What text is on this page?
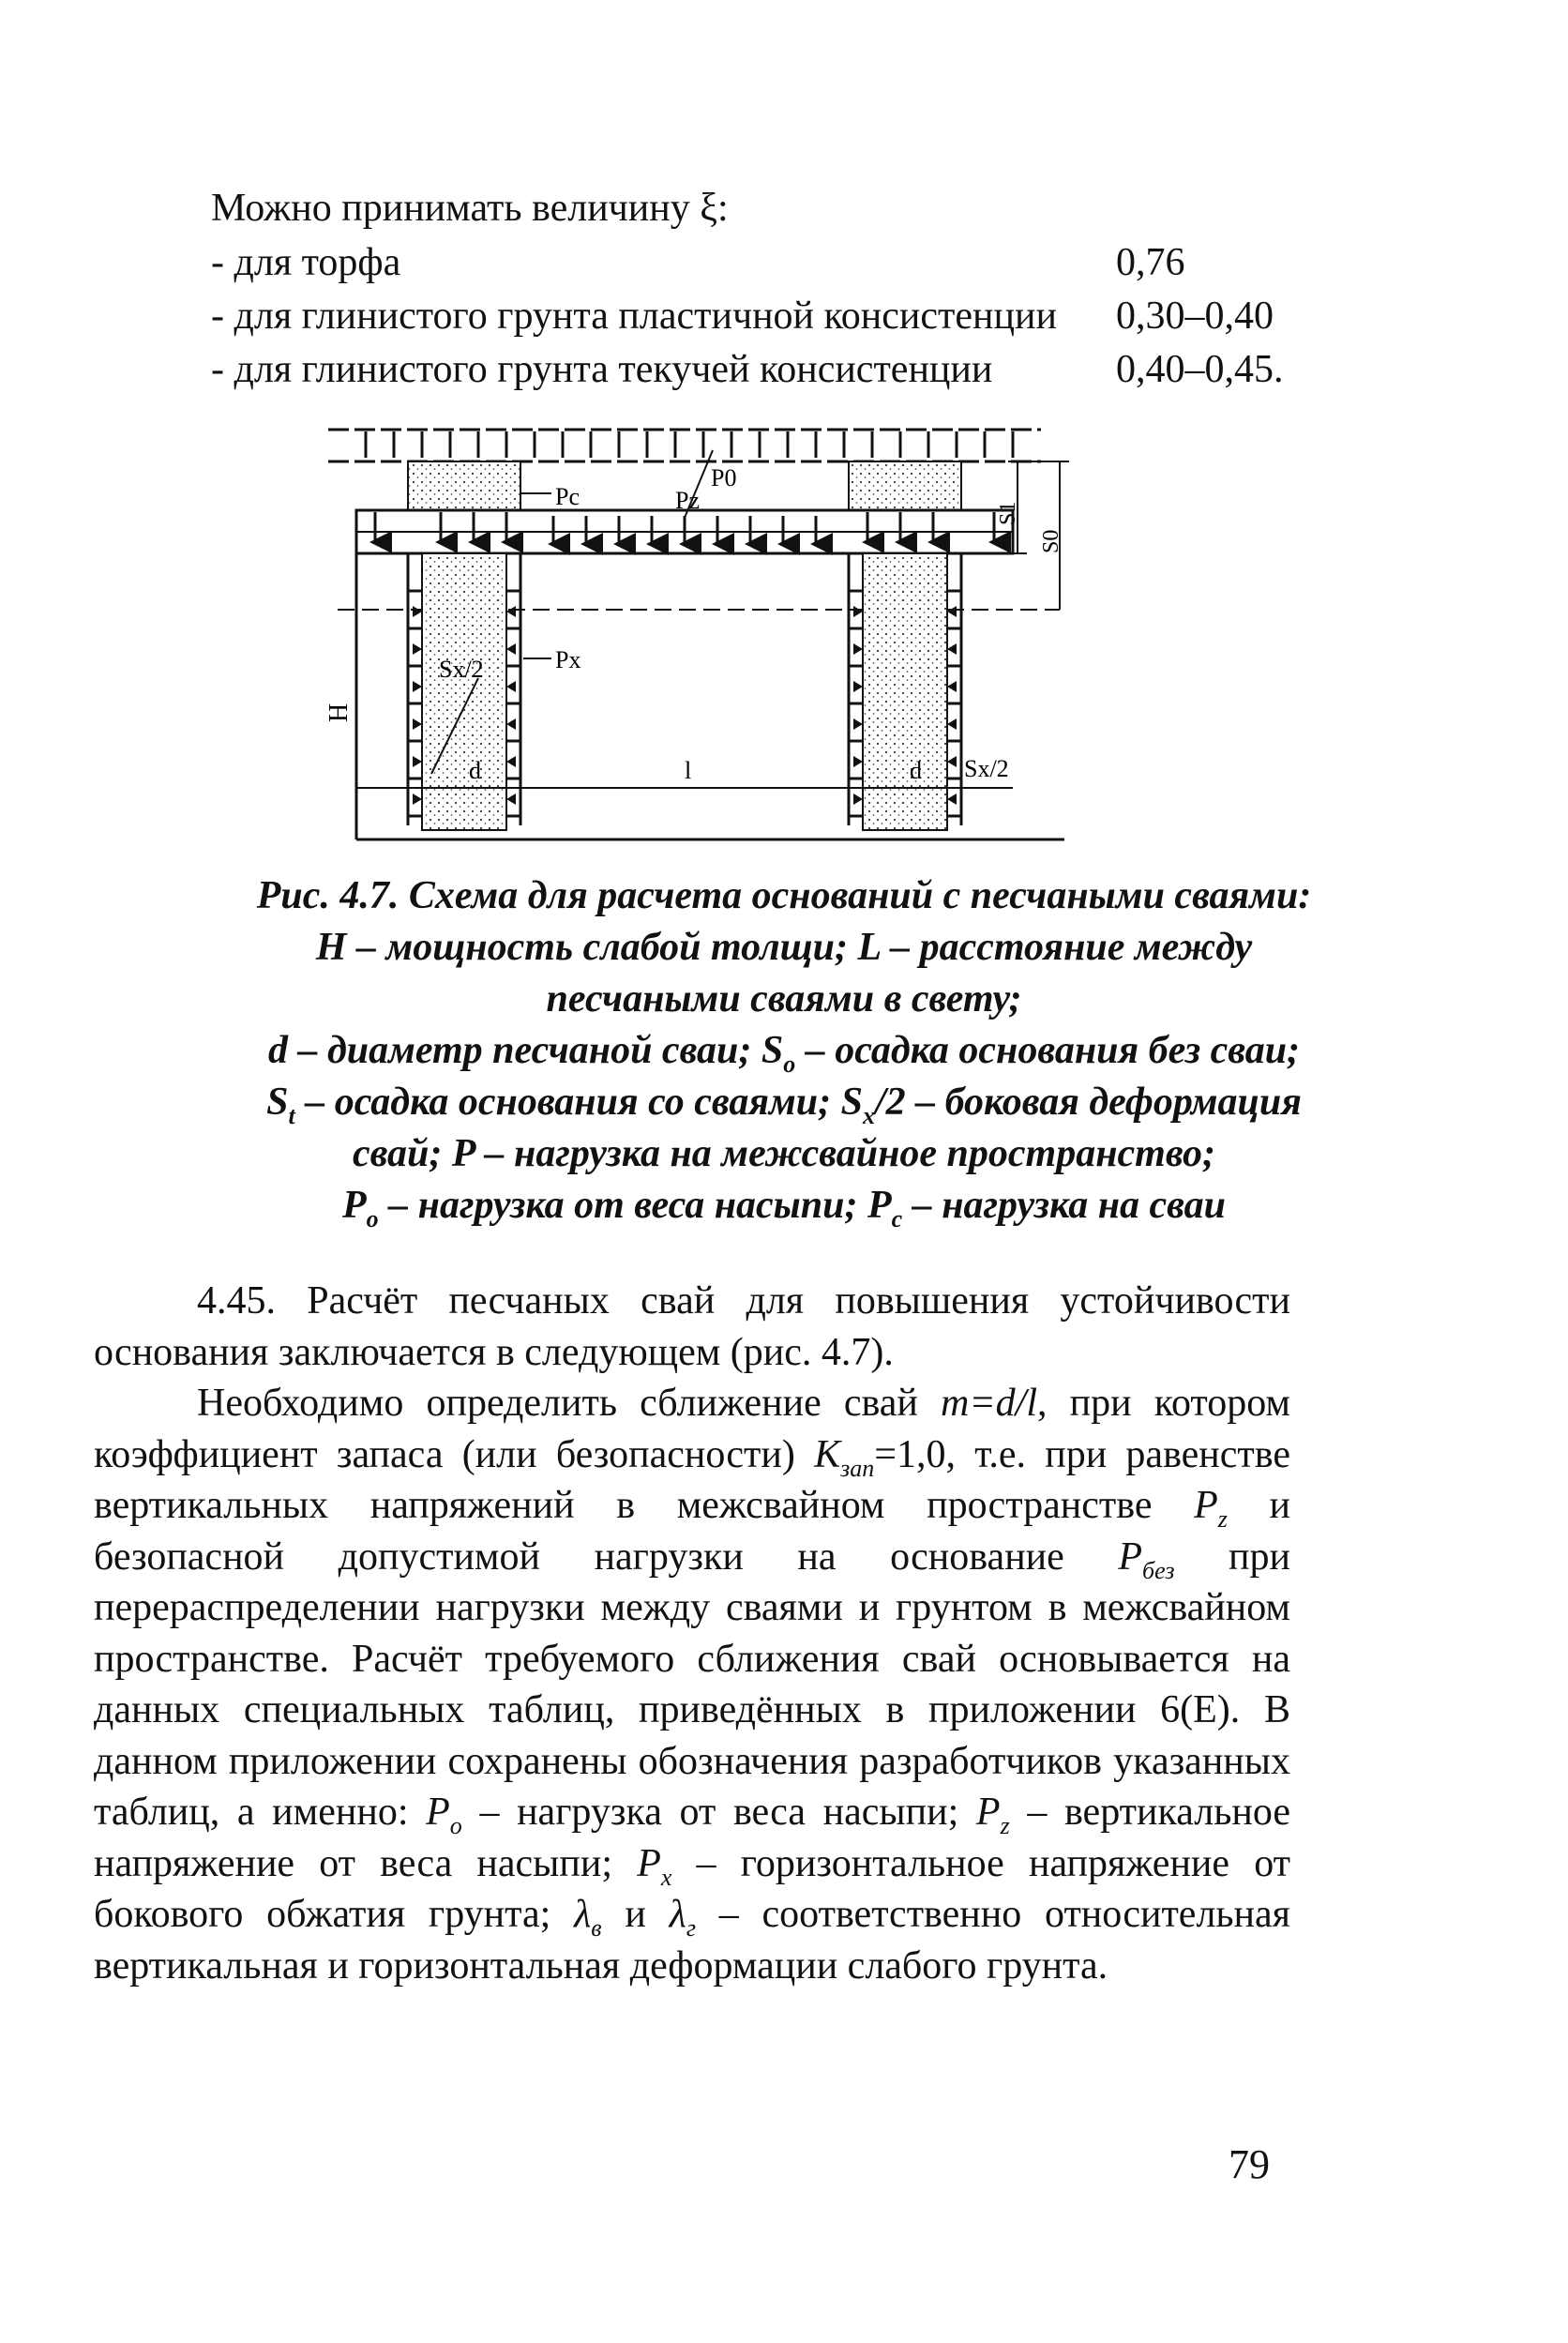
Можно принимать величину ξ:
- для торфа	0,76
- для глинистого грунта пластичной консистенции 0,30–0,40
- для глинистого грунта текучей консистенции	0,40–0,45.
Pc	Pz
P0
Px
Sx/2
d	l	d Sx/2
H
S1
S0
Рис. 4.7. Схема для расчета оснований с песчаными сваями:
H – мощность слабой толщи; L – расстояние между
песчаными сваями в свету;
d – диаметр песчаной сваи; $S_o$ – осадка основания без сваи;
$S_t$ – осадка основания со сваями; $S_x/2$ – боковая деформация
свай; P – нагрузка на межсвайное пространство;
$P_o$ – нагрузка от веса насыпи; $P_c$ – нагрузка на сваи

4.45. Расчёт песчаных свай для повышения устойчивости основания заключается в следующем (рис. 4.7).

Необходимо определить сближение свай m=d/l, при котором коэффициент запаса (или безопасности) $K_{зап}=1,0$, т.е. при равенстве вертикальных напряжений в межсвайном пространстве $P_z$ и безопасной допустимой нагрузки на основание $P_{без}$ при перераспределении нагрузки между сваями и грунтом в межсвайном пространстве. Расчёт требуемого сближения свай основывается на данных специальных таблиц, приведённых в приложении 6(Е). В данном приложении сохранены обозначения разработчиков указанных таблиц, а именно: $P_o$ – нагрузка от веса насыпи; $P_z$ – вертикальное напряжение от веса насыпи; $P_x$ – горизонтальное напряжение от бокового обжатия грунта; $\lambda_в$ и $\lambda_г$ – соответственно относительная вертикальная и горизонтальная деформации слабого грунта.

79
